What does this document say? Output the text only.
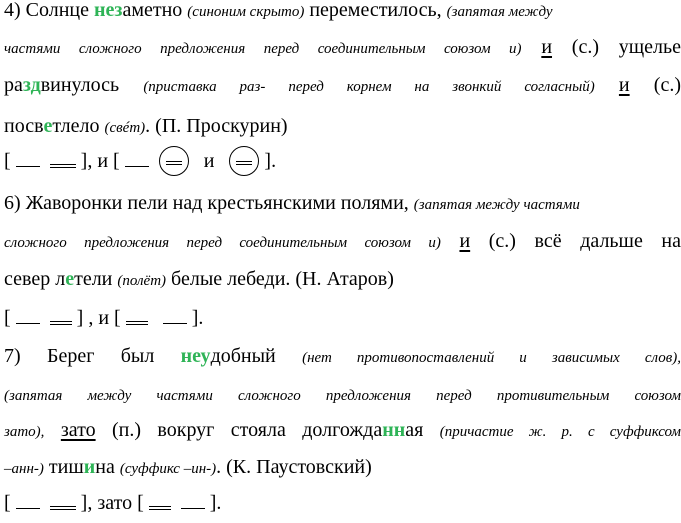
4) Солнце незаметно (синоним скрыто) переместилось, (запятая между
частями сложного предложения перед соединительным союзом и) и (с.) ущелье
раздвинулось (приставка раз- перед корнем на звонкий согласный) и (с.)
посветлело (свéт). (П. Проскурин)
[	], и [	и ○ ].
6) Жаворонки пели над крестьянскими полями, (запятая между частями
сложного предложения перед соединительным союзом и) и (с.) всё дальше на
север летели (полёт) белые лебеди. (Н. Атаров)
[	] , и [	].
7) Берег был неудобный (нет противопоставлений и зависимых слов),
(запятая между частями сложного предложения перед противительным союзом
зато), зато (п.) вокруг стояла долгожданная (причастие ж. р. с суффиксом
–анн-) тишина (суффикс –ин-). (К. Паустовский)
[	], зато [	].
